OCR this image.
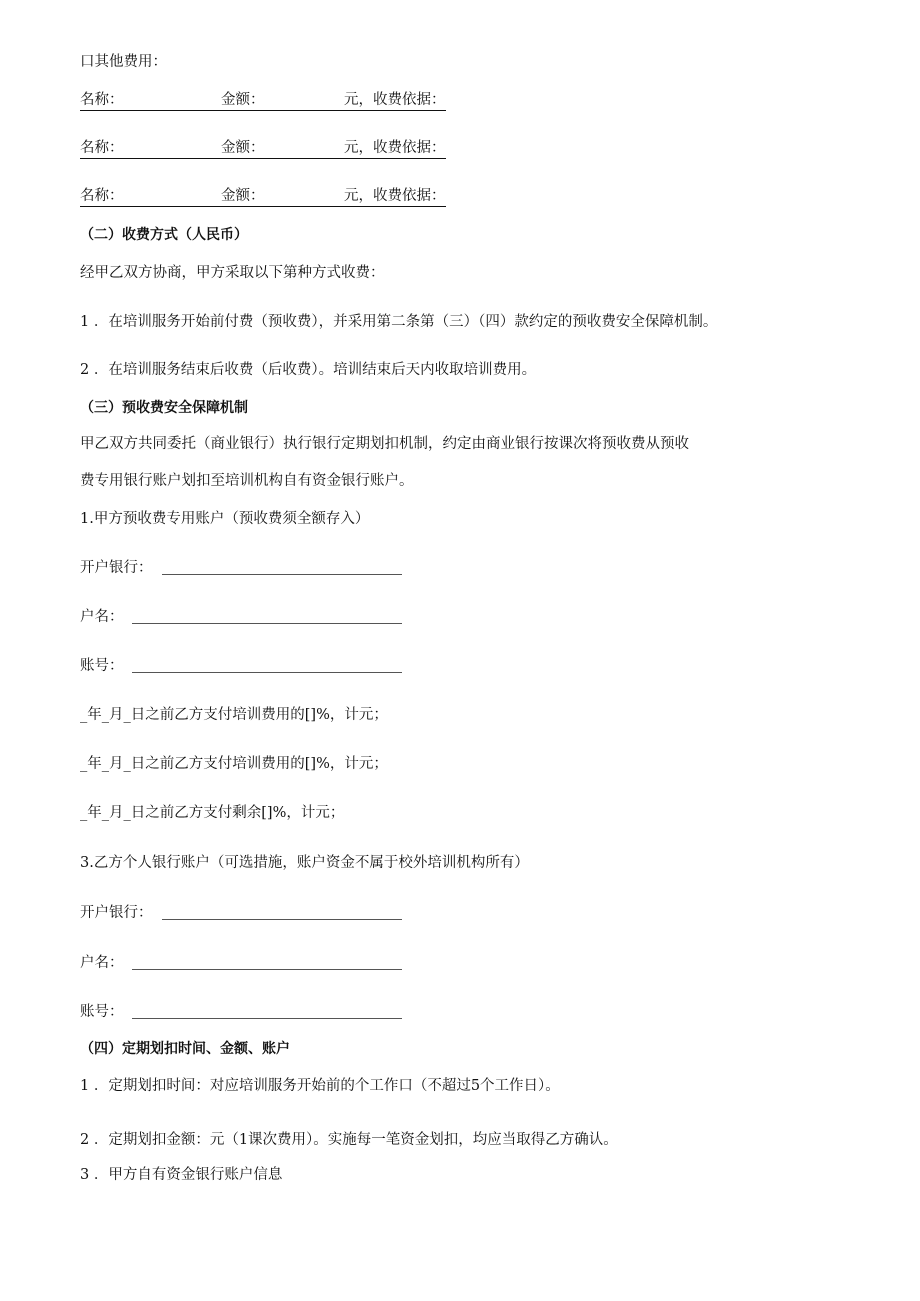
口其他费用：
名称：	金额：	元，收费依据：
名称：	金额：	元，收费依据：
名称：	金额：	元，收费依据：
（二）收费方式（人民币）
经甲乙双方协商，甲方采取以下第种方式收费：
1 ．在培训服务开始前付费（预收费），并采用第二条第（三）（四）款约定的预收费安全保障机制。
2 ．在培训服务结束后收费（后收费）。培训结束后天内收取培训费用。
（三）预收费安全保障机制
甲乙双方共同委托（商业银行）执行银行定期划扣机制，约定由商业银行按课次将预收费从预收
费专用银行账户划扣至培训机构自有资金银行账户。
1.甲方预收费专用账户（预收费须全额存入）
开户银行：
户名：
账号：
_年_月_日之前乙方支付培训费用的[]%，计元；
_年_月_日之前乙方支付培训费用的[]%，计元；
_年_月_日之前乙方支付剩余[]%，计元；
3.乙方个人银行账户（可选措施，账户资金不属于校外培训机构所有）
开户银行：
户名：
账号：
（四）定期划扣时间、金额、账户
1 ．定期划扣时间：对应培训服务开始前的个工作口（不超过5个工作日）。
2 ．定期划扣金额：元（1课次费用）。实施每一笔资金划扣，均应当取得乙方确认。
3 ．甲方自有资金银行账户信息
